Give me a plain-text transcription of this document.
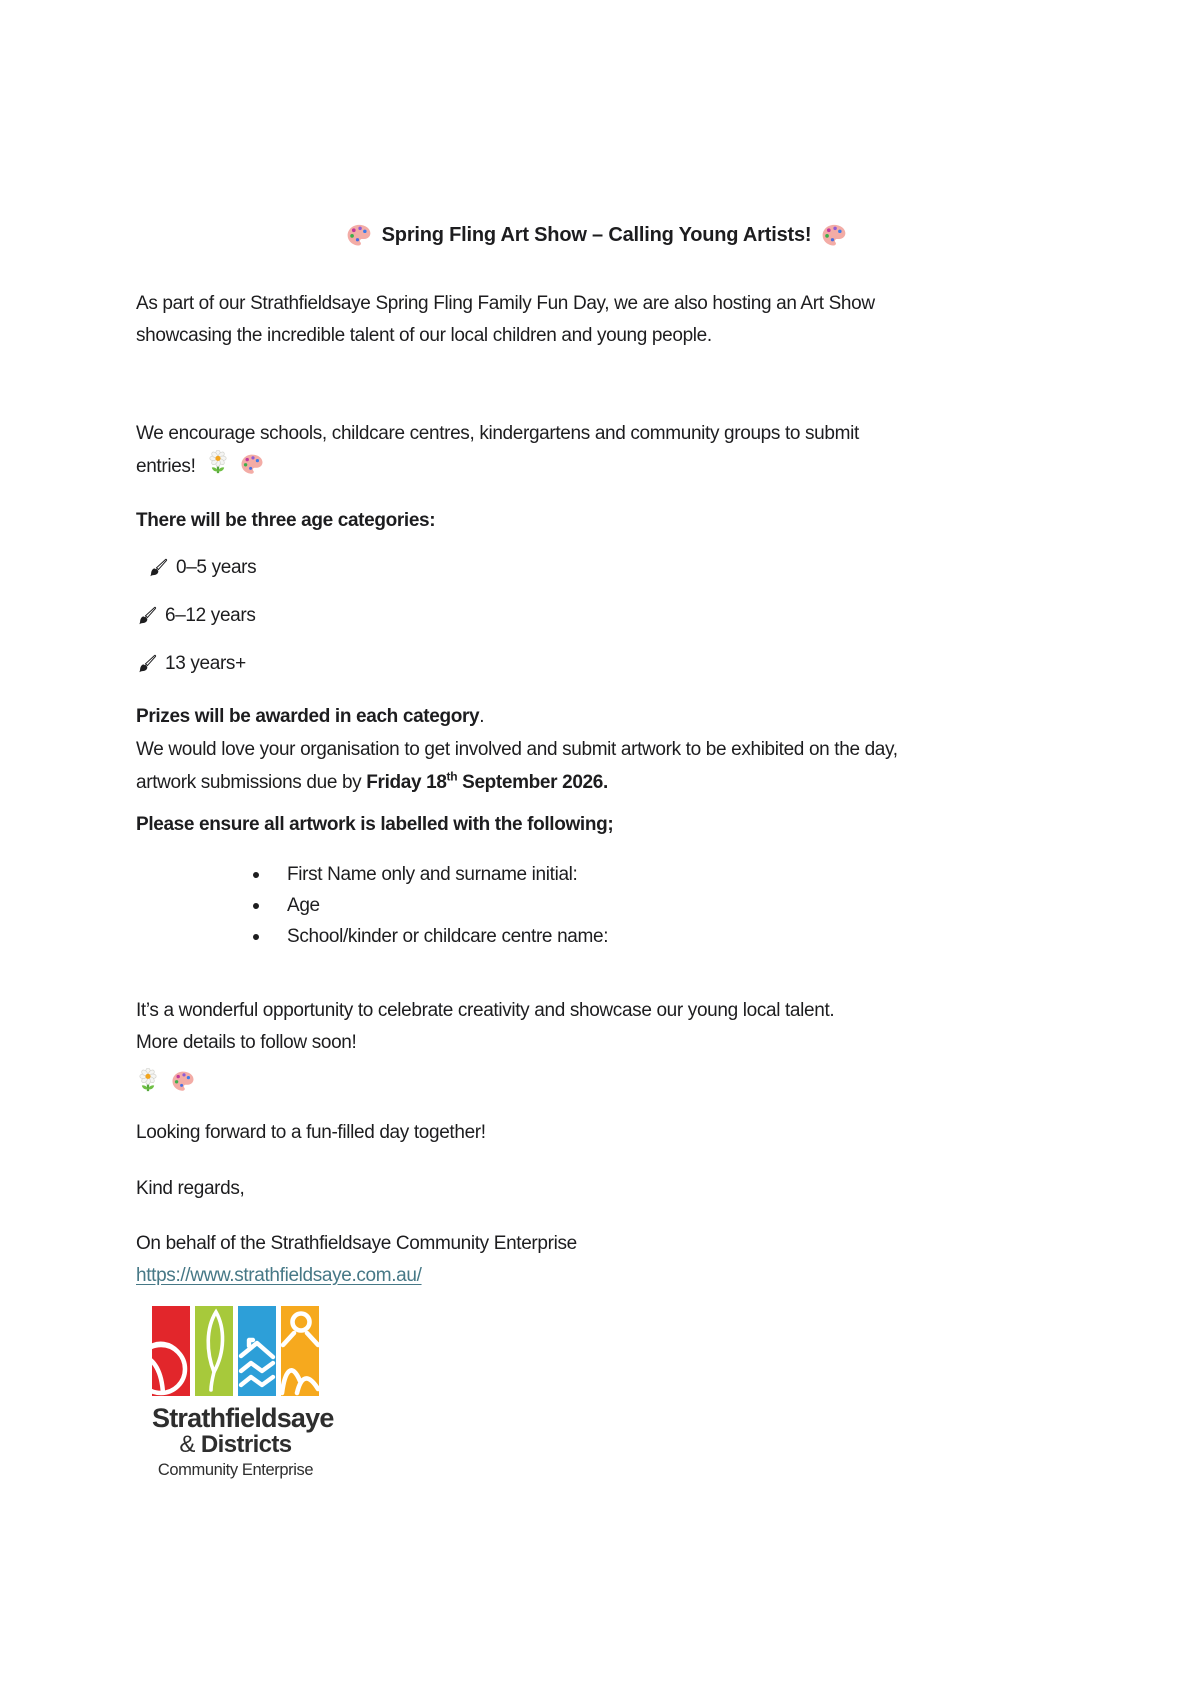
Spring Fling Art Show – Calling Young Artists!

As part of our Strathfieldsaye Spring Fling Family Fun Day, we are also hosting an Art Show
showcasing the incredible talent of our local children and young people.

We encourage schools, childcare centres, kindergartens and community groups to submit
entries!

There will be three age categories:
0–5 years
6–12 years
13 years+

Prizes will be awarded in each category.
We would love your organisation to get involved and submit artwork to be exhibited on the day,
artwork submissions due by Friday 18th September 2026.

Please ensure all artwork is labelled with the following;
First Name only and surname initial:
Age
School/kinder or childcare centre name:

It’s a wonderful opportunity to celebrate creativity and showcase our young local talent.
More details to follow soon!

Looking forward to a fun-filled day together!

Kind regards,

On behalf of the Strathfieldsaye Community Enterprise
https://www.strathfieldsaye.com.au/

Strathfieldsaye
& Districts
Community Enterprise
